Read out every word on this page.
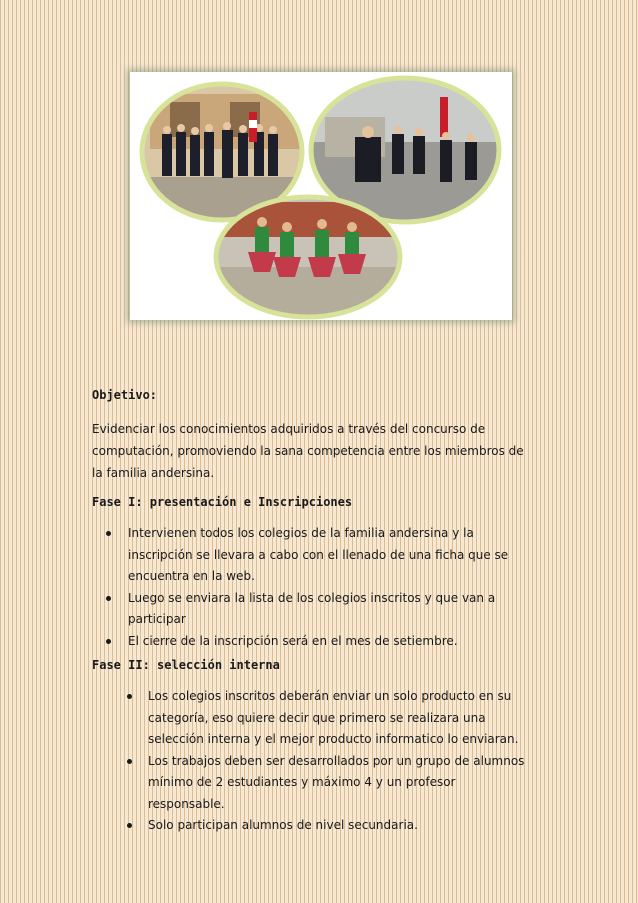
Objetivo:

Evidenciar los conocimientos adquiridos a través del concurso de computación, promoviendo la sana competencia entre los miembros de la familia andersina.

Fase I: presentación e Inscripciones

Intervienen todos los colegios de la familia andersina y la inscripción se llevara a cabo con el llenado de una ficha que se encuentra en la web.
Luego se enviara la lista de los colegios inscritos y que van a participar
El cierre de la inscripción será en el mes de setiembre.

Fase II: selección interna

Los colegios inscritos deberán enviar un solo producto en su categoría, eso quiere decir que primero se realizara una selección interna y el mejor producto informatico lo enviaran.
Los trabajos deben ser desarrollados por un grupo de alumnos mínimo de 2 estudiantes y máximo 4 y un profesor responsable.
Solo participan alumnos de nivel secundaria.
